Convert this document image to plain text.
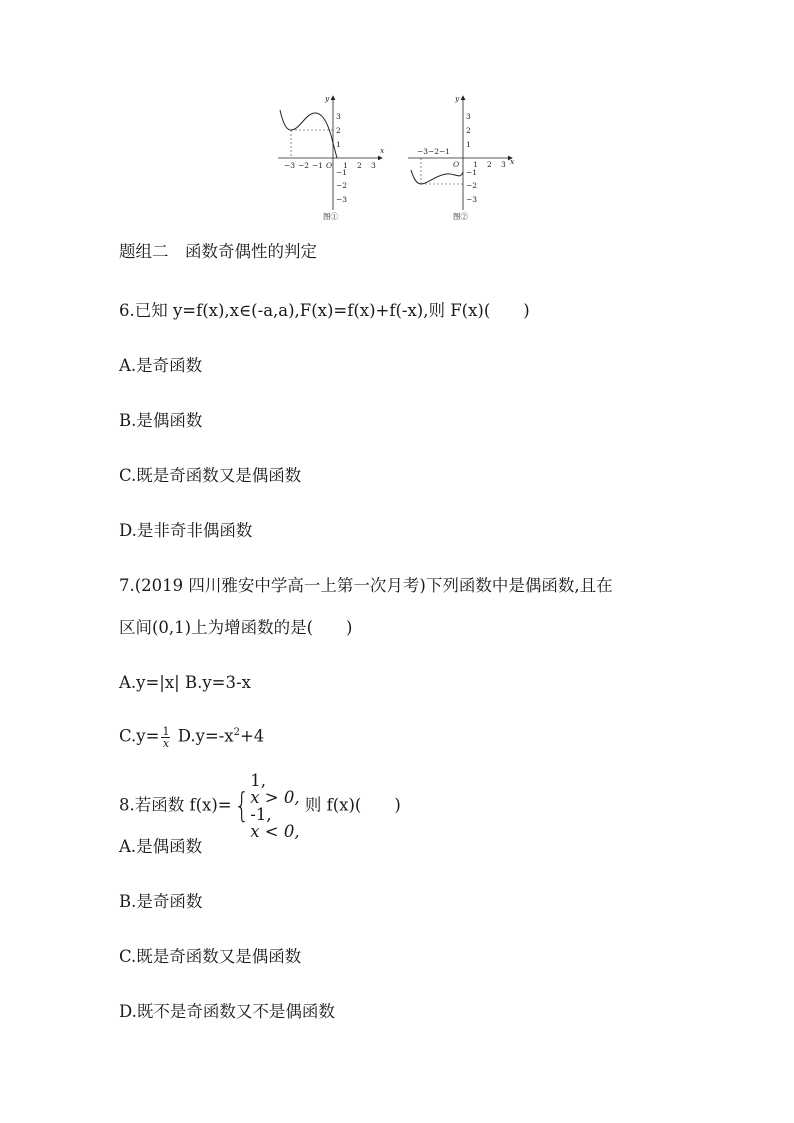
x
y
O
−3 −2 −1	1 2 3
3
2
1
−1
−2
−3
图①
x
y
O
−3 −2 −1
1 2 3
3
2
1
−1
−2
−3
图②
题组二　函数奇偶性的判定
6.已知 y=f(x),x∈(-a,a),F(x)=f(x)+f(-x),则 F(x)(　　)
A.是奇函数
B.是偶函数
C.既是奇函数又是偶函数
D.是非奇非偶函数
7.(2019 四川雅安中学高一上第一次月考)下列函数中是偶函数,且在
区间(0,1)上为增函数的是(　　)
A.y=|x| B.y=3-x
$C.y= \frac{1}{x} D.y=-x^2+4$
8.若函数 f(x)={
1,
x > 0,
-1,
x < 0,
则 f(x)(　　)
A.是偶函数
B.是奇函数
C.既是奇函数又是偶函数
D.既不是奇函数又不是偶函数
